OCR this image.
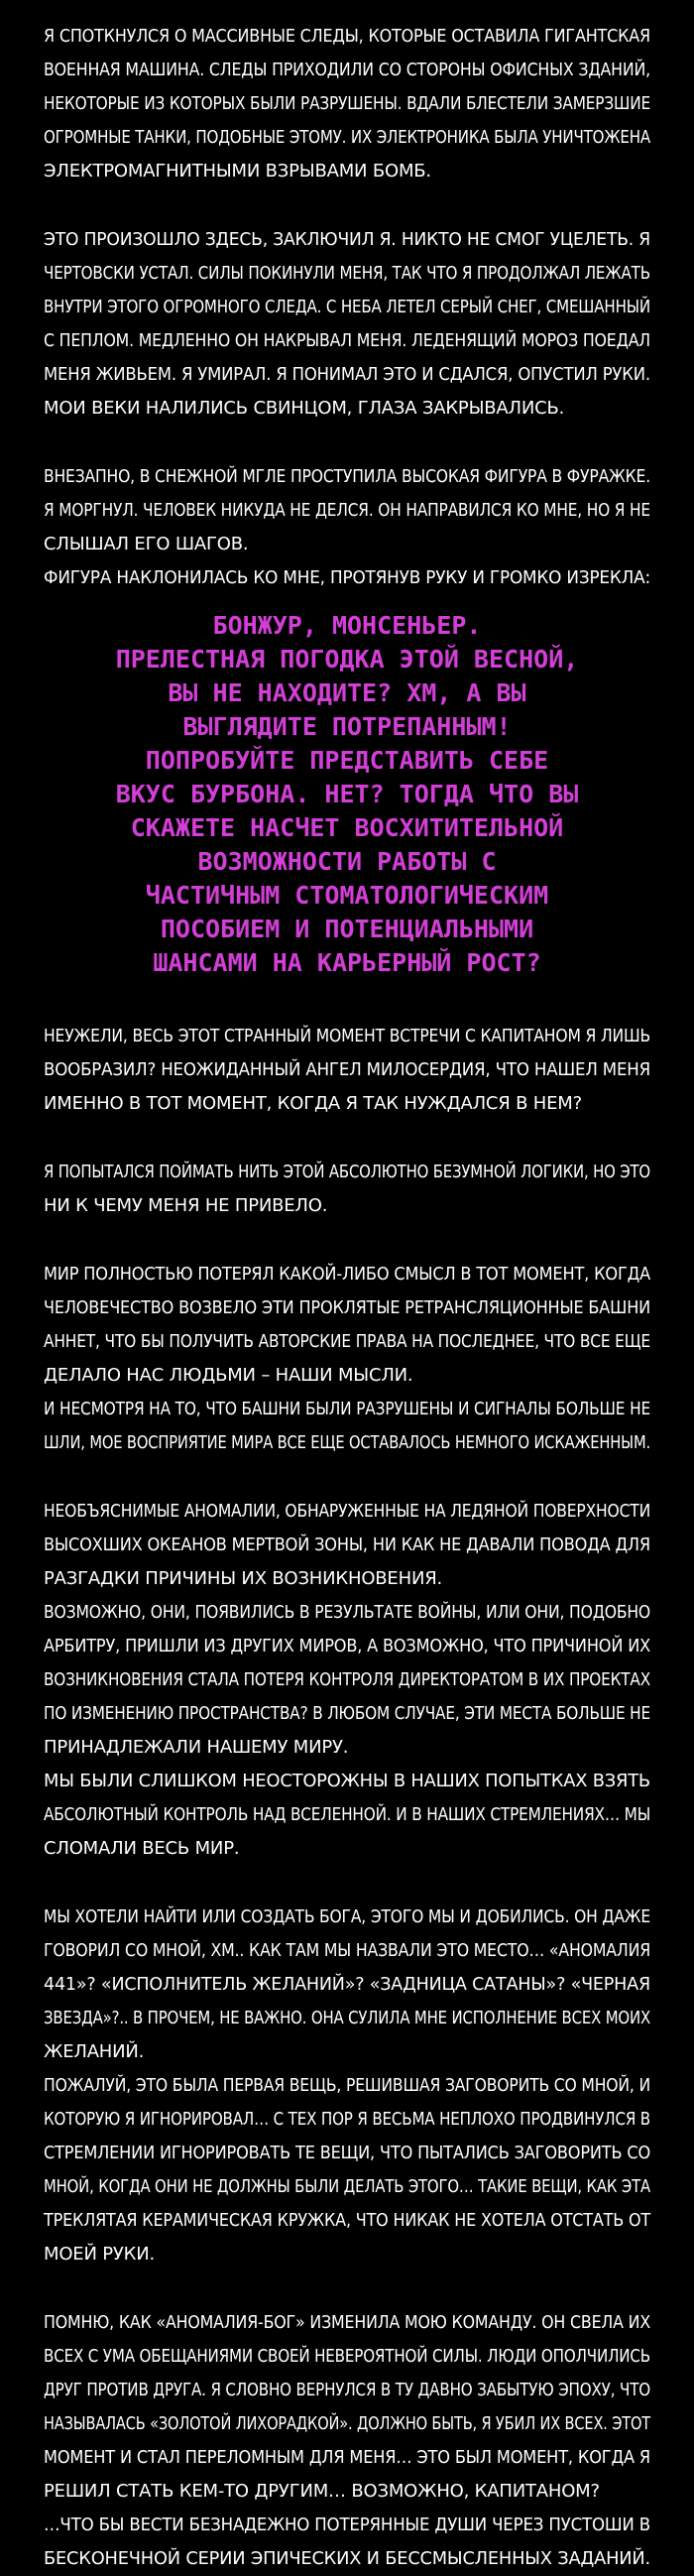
Я СПОТКНУЛСЯ О МАССИВНЫЕ СЛЕДЫ, КОТОРЫЕ ОСТАВИЛА ГИГАНТСКАЯ
ВОЕННАЯ МАШИНА. СЛЕДЫ ПРИХОДИЛИ СО СТОРОНЫ ОФИСНЫХ ЗДАНИЙ,
НЕКОТОРЫЕ ИЗ КОТОРЫХ БЫЛИ РАЗРУШЕНЫ. ВДАЛИ БЛЕСТЕЛИ ЗАМЕРЗШИЕ
ОГРОМНЫЕ ТАНКИ, ПОДОБНЫЕ ЭТОМУ. ИХ ЭЛЕКТРОНИКА БЫЛА УНИЧТОЖЕНА
ЭЛЕКТРОМАГНИТНЫМИ ВЗРЫВАМИ БОМБ.
ЭТО ПРОИЗОШЛО ЗДЕСЬ, ЗАКЛЮЧИЛ Я. НИКТО НЕ СМОГ УЦЕЛЕТЬ. Я
ЧЕРТОВСКИ УСТАЛ. СИЛЫ ПОКИНУЛИ МЕНЯ, ТАК ЧТО Я ПРОДОЛЖАЛ ЛЕЖАТЬ
ВНУТРИ ЭТОГО ОГРОМНОГО СЛЕДА. С НЕБА ЛЕТЕЛ СЕРЫЙ СНЕГ, СМЕШАННЫЙ
С ПЕПЛОМ. МЕДЛЕННО ОН НАКРЫВАЛ МЕНЯ. ЛЕДЕНЯЩИЙ МОРОЗ ПОЕДАЛ
МЕНЯ ЖИВЬЕМ. Я УМИРАЛ. Я ПОНИМАЛ ЭТО И СДАЛСЯ, ОПУСТИЛ РУКИ.
МОИ ВЕКИ НАЛИЛИСЬ СВИНЦОМ, ГЛАЗА ЗАКРЫВАЛИСЬ.
ВНЕЗАПНО, В СНЕЖНОЙ МГЛЕ ПРОСТУПИЛА ВЫСОКАЯ ФИГУРА В ФУРАЖКЕ.
Я МОРГНУЛ. ЧЕЛОВЕК НИКУДА НЕ ДЕЛСЯ. ОН НАПРАВИЛСЯ КО МНЕ, НО Я НЕ
СЛЫШАЛ ЕГО ШАГОВ.
ФИГУРА НАКЛОНИЛАСЬ КО МНЕ, ПРОТЯНУВ РУКУ И ГРОМКО ИЗРЕКЛА:
БОНЖУР, МОНСЕНЬЕР.
ПРЕЛЕСТНАЯ ПОГОДКА ЭТОЙ ВЕСНОЙ,
ВЫ НЕ НАХОДИТЕ? ХМ, А ВЫ
ВЫГЛЯДИТЕ ПОТРЕПАННЫМ!
ПОПРОБУЙТЕ ПРЕДСТАВИТЬ СЕБЕ
ВКУС БУРБОНА. НЕТ? ТОГДА ЧТО ВЫ
СКАЖЕТЕ НАСЧЕТ ВОСХИТИТЕЛЬНОЙ
ВОЗМОЖНОСТИ РАБОТЫ С
ЧАСТИЧНЫМ СТОМАТОЛОГИЧЕСКИМ
ПОСОБИЕМ И ПОТЕНЦИАЛЬНЫМИ
ШАНСАМИ НА КАРЬЕРНЫЙ РОСТ?
НЕУЖЕЛИ, ВЕСЬ ЭТОТ СТРАННЫЙ МОМЕНТ ВСТРЕЧИ С КАПИТАНОМ Я ЛИШЬ
ВООБРАЗИЛ? НЕОЖИДАННЫЙ АНГЕЛ МИЛОСЕРДИЯ, ЧТО НАШЕЛ МЕНЯ
ИМЕННО В ТОТ МОМЕНТ, КОГДА Я ТАК НУЖДАЛСЯ В НЕМ?
Я ПОПЫТАЛСЯ ПОЙМАТЬ НИТЬ ЭТОЙ АБСОЛЮТНО БЕЗУМНОЙ ЛОГИКИ, НО ЭТО
НИ К ЧЕМУ МЕНЯ НЕ ПРИВЕЛО.
МИР ПОЛНОСТЬЮ ПОТЕРЯЛ КАКОЙ-ЛИБО СМЫСЛ В ТОТ МОМЕНТ, КОГДА
ЧЕЛОВЕЧЕСТВО ВОЗВЕЛО ЭТИ ПРОКЛЯТЫЕ РЕТРАНСЛЯЦИОННЫЕ БАШНИ
АННЕТ, ЧТО БЫ ПОЛУЧИТЬ АВТОРСКИЕ ПРАВА НА ПОСЛЕДНЕЕ, ЧТО ВСЕ ЕЩЕ
ДЕЛАЛО НАС ЛЮДЬМИ – НАШИ МЫСЛИ.
И НЕСМОТРЯ НА ТО, ЧТО БАШНИ БЫЛИ РАЗРУШЕНЫ И СИГНАЛЫ БОЛЬШЕ НЕ
ШЛИ, МОЕ ВОСПРИЯТИЕ МИРА ВСЕ ЕЩЕ ОСТАВАЛОСЬ НЕМНОГО ИСКАЖЕННЫМ.
НЕОБЪЯСНИМЫЕ АНОМАЛИИ, ОБНАРУЖЕННЫЕ НА ЛЕДЯНОЙ ПОВЕРХНОСТИ
ВЫСОХШИХ ОКЕАНОВ МЕРТВОЙ ЗОНЫ, НИ КАК НЕ ДАВАЛИ ПОВОДА ДЛЯ
РАЗГАДКИ ПРИЧИНЫ ИХ ВОЗНИКНОВЕНИЯ.
ВОЗМОЖНО, ОНИ, ПОЯВИЛИСЬ В РЕЗУЛЬТАТЕ ВОЙНЫ, ИЛИ ОНИ, ПОДОБНО
АРБИТРУ, ПРИШЛИ ИЗ ДРУГИХ МИРОВ, А ВОЗМОЖНО, ЧТО ПРИЧИНОЙ ИХ
ВОЗНИКНОВЕНИЯ СТАЛА ПОТЕРЯ КОНТРОЛЯ ДИРЕКТОРАТОМ В ИХ ПРОЕКТАХ
ПО ИЗМЕНЕНИЮ ПРОСТРАНСТВА? В ЛЮБОМ СЛУЧАЕ, ЭТИ МЕСТА БОЛЬШЕ НЕ
ПРИНАДЛЕЖАЛИ НАШЕМУ МИРУ.
МЫ БЫЛИ СЛИШКОМ НЕОСТОРОЖНЫ В НАШИХ ПОПЫТКАХ ВЗЯТЬ
АБСОЛЮТНЫЙ КОНТРОЛЬ НАД ВСЕЛЕННОЙ. И В НАШИХ СТРЕМЛЕНИЯХ… МЫ
СЛОМАЛИ ВЕСЬ МИР.
МЫ ХОТЕЛИ НАЙТИ ИЛИ СОЗДАТЬ БОГА, ЭТОГО МЫ И ДОБИЛИСЬ. ОН ДАЖЕ
ГОВОРИЛ СО МНОЙ, ХМ.. КАК ТАМ МЫ НАЗВАЛИ ЭТО МЕСТО… «АНОМАЛИЯ
441»? «ИСПОЛНИТЕЛЬ ЖЕЛАНИЙ»? «ЗАДНИЦА САТАНЫ»? «ЧЕРНАЯ
ЗВЕЗДА»?.. В ПРОЧЕМ, НЕ ВАЖНО. ОНА СУЛИЛА МНЕ ИСПОЛНЕНИЕ ВСЕХ МОИХ
ЖЕЛАНИЙ.
ПОЖАЛУЙ, ЭТО БЫЛА ПЕРВАЯ ВЕЩЬ, РЕШИВШАЯ ЗАГОВОРИТЬ СО МНОЙ, И
КОТОРУЮ Я ИГНОРИРОВАЛ… С ТЕХ ПОР Я ВЕСЬМА НЕПЛОХО ПРОДВИНУЛСЯ В
СТРЕМЛЕНИИ ИГНОРИРОВАТЬ ТЕ ВЕЩИ, ЧТО ПЫТАЛИСЬ ЗАГОВОРИТЬ СО
МНОЙ, КОГДА ОНИ НЕ ДОЛЖНЫ БЫЛИ ДЕЛАТЬ ЭТОГО… ТАКИЕ ВЕЩИ, КАК ЭТА
ТРЕКЛЯТАЯ КЕРАМИЧЕСКАЯ КРУЖКА, ЧТО НИКАК НЕ ХОТЕЛА ОТСТАТЬ ОТ
МОЕЙ РУКИ.
ПОМНЮ, КАК «АНОМАЛИЯ-БОГ» ИЗМЕНИЛА МОЮ КОМАНДУ. ОН СВЕЛА ИХ
ВСЕХ С УМА ОБЕЩАНИЯМИ СВОЕЙ НЕВЕРОЯТНОЙ СИЛЫ. ЛЮДИ ОПОЛЧИЛИСЬ
ДРУГ ПРОТИВ ДРУГА. Я СЛОВНО ВЕРНУЛСЯ В ТУ ДАВНО ЗАБЫТУЮ ЭПОХУ, ЧТО
НАЗЫВАЛАСЬ «ЗОЛОТОЙ ЛИХОРАДКОЙ». ДОЛЖНО БЫТЬ, Я УБИЛ ИХ ВСЕХ. ЭТОТ
МОМЕНТ И СТАЛ ПЕРЕЛОМНЫМ ДЛЯ МЕНЯ… ЭТО БЫЛ МОМЕНТ, КОГДА Я
РЕШИЛ СТАТЬ КЕМ-ТО ДРУГИМ… ВОЗМОЖНО, КАПИТАНОМ?
…ЧТО БЫ ВЕСТИ БЕЗНАДЕЖНО ПОТЕРЯННЫЕ ДУШИ ЧЕРЕЗ ПУСТОШИ В
БЕСКОНЕЧНОЙ СЕРИИ ЭПИЧЕСКИХ И БЕССМЫСЛЕННЫХ ЗАДАНИЙ.
